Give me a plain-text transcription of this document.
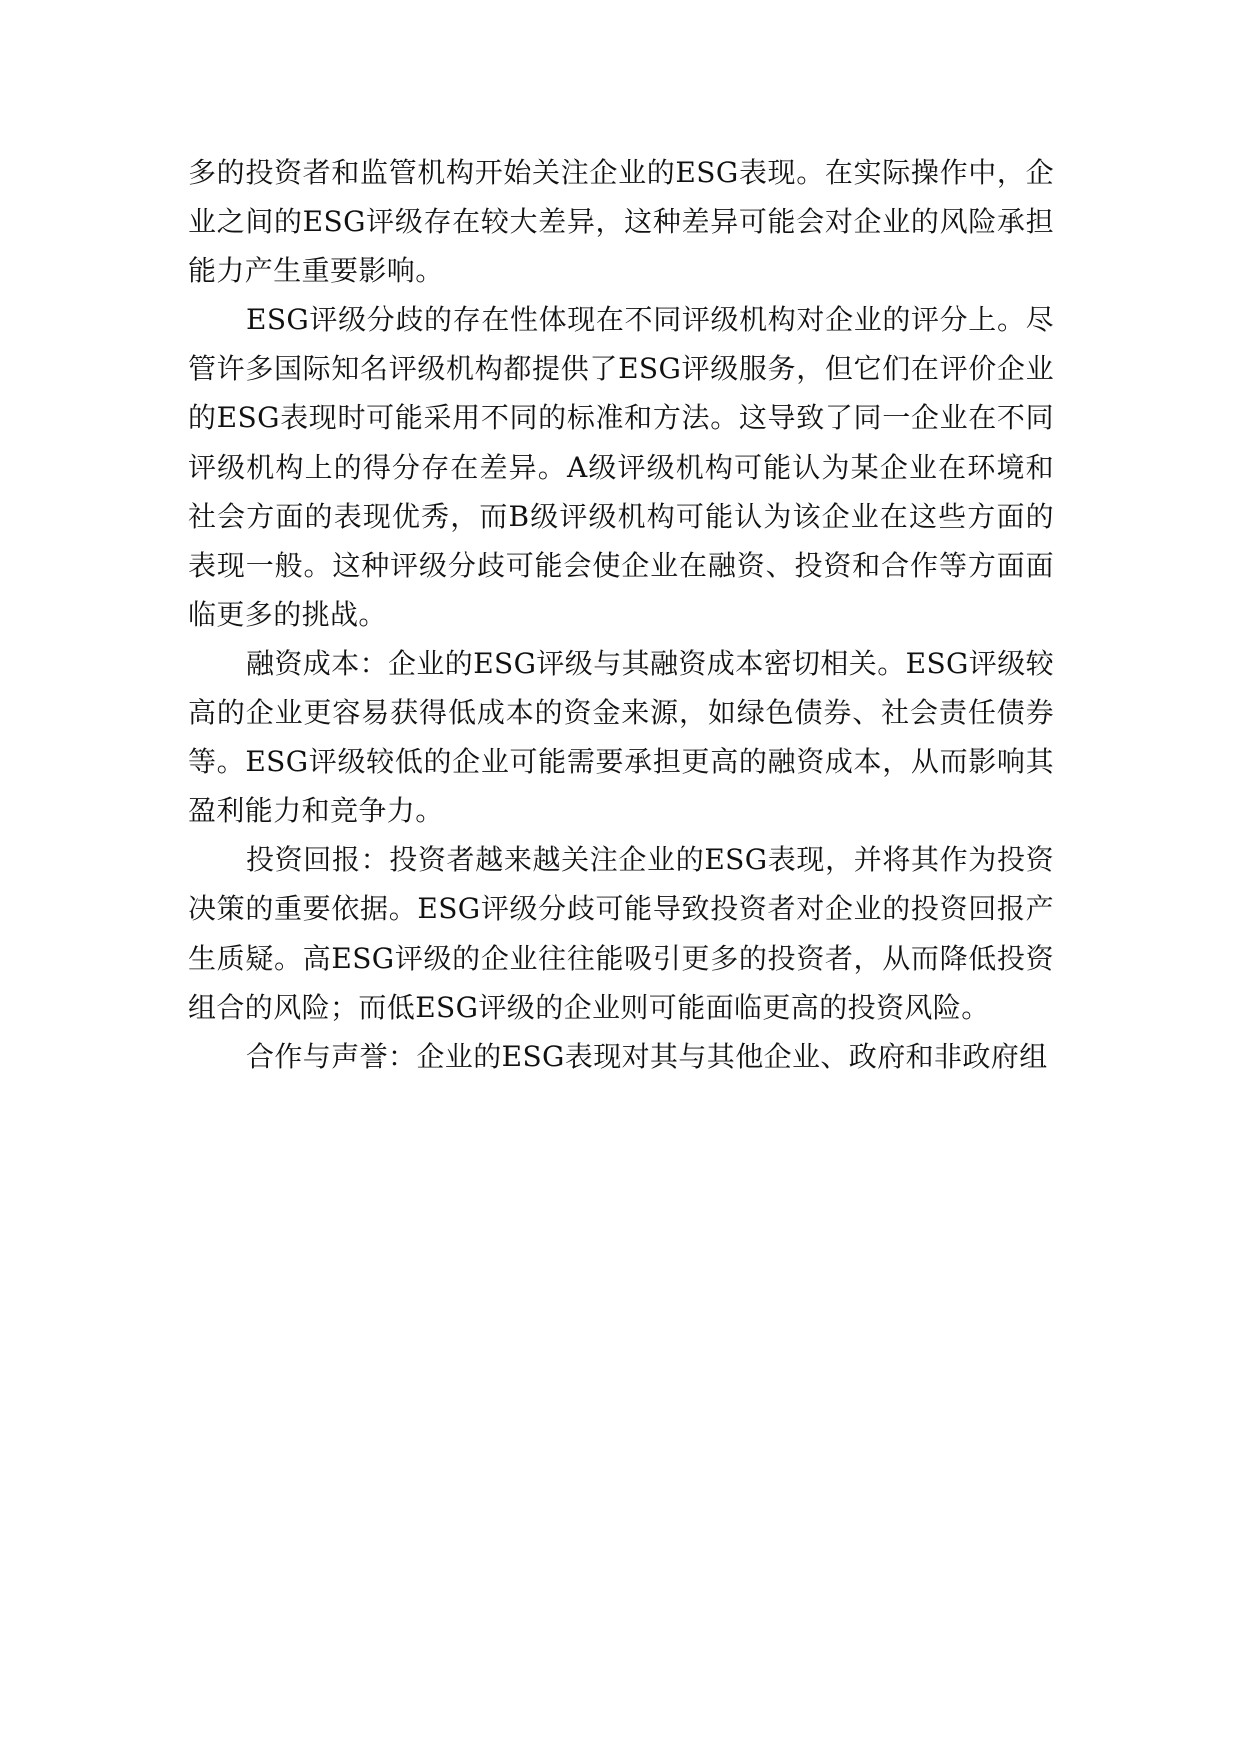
多的投资者和监管机构开始关注企业的ESG表现。在实际操作中，企业之间的ESG评级存在较大差异，这种差异可能会对企业的风险承担能力产生重要影响。

ESG评级分歧的存在性体现在不同评级机构对企业的评分上。尽管许多国际知名评级机构都提供了ESG评级服务，但它们在评价企业的ESG表现时可能采用不同的标准和方法。这导致了同一企业在不同评级机构上的得分存在差异。A级评级机构可能认为某企业在环境和社会方面的表现优秀，而B级评级机构可能认为该企业在这些方面的表现一般。这种评级分歧可能会使企业在融资、投资和合作等方面面临更多的挑战。

融资成本：企业的ESG评级与其融资成本密切相关。ESG评级较高的企业更容易获得低成本的资金来源，如绿色债券、社会责任债券等。ESG评级较低的企业可能需要承担更高的融资成本，从而影响其盈利能力和竞争力。

投资回报：投资者越来越关注企业的ESG表现，并将其作为投资决策的重要依据。ESG评级分歧可能导致投资者对企业的投资回报产生质疑。高ESG评级的企业往往能吸引更多的投资者，从而降低投资组合的风险；而低ESG评级的企业则可能面临更高的投资风险。

合作与声誉：企业的ESG表现对其与其他企业、政府和非政府组
